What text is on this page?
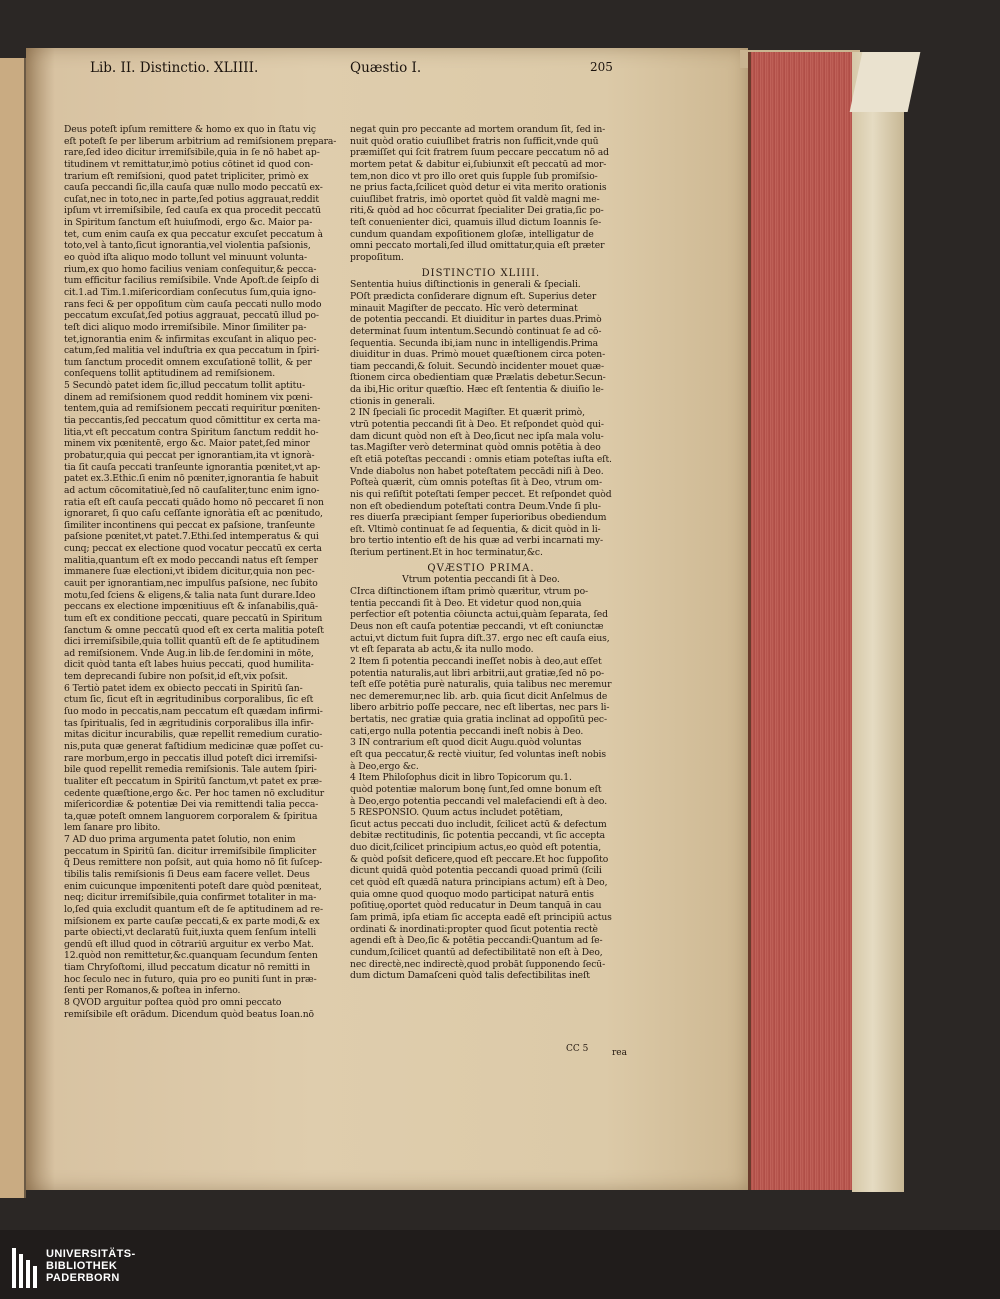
Lib. II. Distinctio. XLIIII.	Quæstio I.	205
Deus poteſt ipſum remittere & homo ex quo in ſtatu viç
eſt poteſt ſe per liberum arbitrium ad remiſsionem prępara-
rare,ſed ideo dicitur irremiſsibile,quia in ſe nō habet ap-
titudinem vt remittatur,imò potius cōtinet id quod con-
trarium eſt remiſsioni, quod patet tripliciter, primò ex
cauſa peccandi ſic,illa cauſa quæ nullo modo peccatū ex-
cuſat,nec in toto,nec in parte,ſed potius aggrauat,reddit
ipſum vt irremiſsibile, ſed cauſa ex qua procedit peccatū
in Spiritum ſanctum eſt huiuſmodi, ergo &c. Maior pa-
tet, cum enim cauſa ex qua peccatur excuſet peccatum à
toto,vel à tanto,ſicut ignorantia,vel violentia paſsionis,
eo quòd iſta aliquo modo tollunt vel minuunt volunta-
rium,ex quo homo facilius veniam conſequitur,& pecca-
tum efficitur facilius remiſsibile. Vnde Apoſt.de ſeipſo di
cit.1.ad Tim.1.miſericordiam conſecutus ſum,quia igno-
rans feci & per oppoſitum cùm cauſa peccati nullo modo
peccatum excuſat,ſed potius aggrauat, peccatū illud po-
teſt dici aliquo modo irremiſsibile. Minor ſimiliter pa-
tet,ignorantia enim & infirmitas excuſant in aliquo pec-
catum,ſed malitia vel induſtria ex qua peccatum in ſpiri-
tum ſanctum procedit omnem excuſationē tollit, & per
conſequens tollit aptitudinem ad remiſsionem.
5 Secundò patet idem ſic,illud peccatum tollit aptitu-
dinem ad remiſsionem quod reddit hominem vix pœni-
tentem,quia ad remiſsionem peccati requiritur pœniten-
tia peccantis,ſed peccatum quod cōmittitur ex certa ma-
litia,vt eſt peccatum contra Spiritum ſanctum reddit ho-
minem vix pœnitentē, ergo &c. Maior patet,ſed minor
probatur,quia qui peccat per ignorantiam,ita vt ignorà-
tia ſit cauſa peccati tranſeunte ignorantia pœnitet,vt ap-
patet ex.3.Ethic.ſi enim nō pœniteт,ignorantia ſe habuit
ad actum cōcomitatiuè,ſed nō cauſaliter,tunc enim igno-
ratia eſt eſt cauſa peccati quādo homo nō peccaret ſi non
ignoraret, ſi quo caſu ceſſante ignoràtia eſt ac pœnitudo,
ſimiliter incontinens qui peccat ex paſsione, tranſeunte
paſsione pœnitet,vt patet.7.Ethi.ſed intemperatus & qui
cunq; peccat ex electione quod vocatur peccatū ex certa
malitia,quantum eſt ex modo peccandi natus eſt ſemper
immanere ſuæ electioni,vt ibidem dicitur,quia non pec-
cauit per ignorantiam,nec impulſus paſsione, nec ſubito
motu,ſed ſciens & eligens,& talia nata ſunt durare.Ideo
peccans ex electione impœnitiuus eſt & inſanabilis,quā-
tum eſt ex conditione peccati, quare peccatū in Spiritum
ſanctum & omne peccatū quod eſt ex certa malitia poteſt
dici irremiſsibile,quia tollit quantū eſt de ſe aptitudinem
ad remiſsionem. Vnde Aug.in lib.de ſer.domini in mōte,
dicit quòd tanta eſt labes huius peccati, quod humilita-
tem deprecandi ſubire non poſsit,id eſt,vix poſsit.
6 Tertiò patet idem ex obiecto peccati in Spiritū ſan-
ctum ſic, ſicut eſt in ægritudinibus corporalibus, ſic eſt
ſuo modo in peccatis,nam peccatum eſt quædam infirmi-
tas ſpiritualis, ſed in ægritudinis corporalibus illa infir-
mitas dicitur incurabilis, quæ repellit remedium curatio-
nis,puta quæ generat faſtidium medicinæ quæ poſſet cu-
rare morbum,ergo in peccatis illud poteſt dici irremiſsi-
bile quod repellit remedia remiſsionis. Tale autem ſpiri-
tualiter eſt peccatum in Spiritū ſanctum,vt patet ex præ-
cedente quæſtione,ergo &c. Per hoc tamen nō excluditur
miſericordiæ & potentiæ Dei via remittendi talia pecca-
ta,quæ poteſt omnem languorem corporalem & ſpiritua
lem ſanare pro libito.
7 AD duo prima argumenta patet ſolutio, non enim
peccatum in Spiritū ſan. dicitur irremiſsibile ſimpliciter
q̃ Deus remittere non poſsit, aut quia homo nō ſit ſuſcep-
tibilis talis remiſsionis ſi Deus eam facere vellet. Deus
enim cuicunque impœnitenti poteſt dare quòd pœniteat,
neq; dicitur irremiſsibile,quia confirmet totaliter in ma-
lo,ſed quia excludit quantum eſt de ſe aptitudinem ad re-
miſsionem ex parte cauſæ peccati,& ex parte modi,& ex
parte obiecti,vt declaratū fuit,iuxta quem ſenſum intelli
gendū eſt illud quod in cōtrariū arguitur ex verbo Mat.
12.quòd non remittetur,&c.quanquam ſecundum ſenten
tiam Chryſoſtomi, illud peccatum dicatur nō remitti in
hoc ſeculo nec in futuro, quia pro eo puniti ſunt in præ-
ſenti per Romanos,& poſtea in inferno.
8 QVOD arguitur poſtea quòd pro omni peccato
remiſsibile eſt orādum. Dicendum quòd beatus Ioan.nō
negat quin pro peccante ad mortem orandum ſit, ſed in-
nuit quòd oratio cuiuſlibet fratris non ſufficit,vnde quū
præmiſſet qui ſcit fratrem ſuum peccare peccatum nō ad
mortem petat & dabitur ei,ſubiunxit eſt peccatū ad mor-
tem,non dico vt pro illo oret quis ſupple ſub promiſsio-
ne prius facta,ſcilicet quòd detur ei vita merito orationis
cuiuſlibet fratris, imò oportet quòd ſit valdè magni me-
riti,& quòd ad hoc cōcurrat ſpecialiter Dei gratia,ſic po-
teſt conuenienter dici, quamuis illud dictum Ioannis ſe-
cundum quandam expoſitionem gloſæ, intelligatur de
omni peccato mortali,ſed illud omittatur,quia eſt præter
propoſitum.
DISTINCTIO XLIIII.
Sententia huius diſtinctionis in generali & ſpeciali.
POſt prædicta conſiderare dignum eſt. Superius deter
minauit Magiſter de peccato. Hîc verò determinat
de potentia peccandi. Et diuiditur in partes duas.Primò
determinat ſuum intentum.Secundò continuat ſe ad cō-
ſequentia. Secunda ibi,iam nunc in intelligendis.Prima
diuiditur in duas. Primò mouet quæſtionem circa poten-
tiam peccandi,& ſoluit. Secundò incidenter mouet quæ-
ſtionem circa obedientiam quæ Prælatis debetur.Secun-
da ibi,Hic oritur quæſtio. Hæc eſt ſententia & diuiſio le-
ctionis in generali.
2 IN ſpeciali ſic procedit Magiſter. Et quærit primò,
vtrū potentia peccandi ſit à Deo. Et reſpondet quòd qui-
dam dicunt quòd non eſt à Deo,ſicut nec ipſa mala volu-
tas.Magiſter verò determinat quòd omnis potētia à deo
eſt etiā poteſtas peccandi : omnis etiam poteſtas iuſta eſt.
Vnde diabolus non habet poteſtatem peccādi niſi à Deo.
Poſteà quærit, cùm omnis poteſtas ſit à Deo, vtrum om-
nis qui reſiſtit poteſtati ſemper peccet. Et reſpondet quòd
non eſt obediendum poteſtati contra Deum.Vnde ſi plu-
res diuerſa præcipiant ſemper ſuperioribus obediendum
eſt. Vltimò continuat ſe ad ſequentia, & dicit quòd in li-
bro tertio intentio eſt de his quæ ad verbi incarnati my-
ſterium pertinent.Et in hoc terminatur,&c.
QVÆSTIO PRIMA.
Vtrum potentia peccandi ſit à Deo.
CIrca diſtinctionem iſtam primò quæritur, vtrum po-
tentia peccandi ſit à Deo. Et videtur quod non,quia
perfectior eſt potentia cōiuncta actui,quàm ſeparata, ſed
Deus non eſt cauſa potentiæ peccandi, vt eſt coniunctæ
actui,vt dictum fuit ſupra diſt.37. ergo nec eſt cauſa eius,
vt eſt ſeparata ab actu,& ita nullo modo.
2 Item ſi potentia peccandi ineſſet nobis à deo,aut eſſet
potentia naturalis,aut libri arbitrii,aut gratiæ,ſed nō po-
teſt eſſe potētia purè naturalis, quia talibus nec meremur
nec demeremur,nec lib. arb. quia ſicut dicit Anſelmus de
libero arbitrio poſſe peccare, nec eſt libertas, nec pars li-
bertatis, nec gratiæ quia gratia inclinat ad oppoſitū pec-
cati,ergo nulla potentia peccandi ineſt nobis à Deo.
3 IN contrarium eſt quod dicit Augu.quòd voluntas
eſt qua peccatur,& rectè viuitur, ſed voluntas ineſt nobis
à Deo,ergo &c.
4 Item Philoſophus dicit in libro Topicorum qu.1.
quòd potentiæ malorum bonę ſunt,ſed omne bonum eſt
à Deo,ergo potentia peccandi vel malefaciendi eſt à deo.
5 RESPONSIO. Quum actus includet potētiam,
ſicut actus peccati duo includit, ſcilicet actū & defectum
debitæ rectitudinis, ſic potentia peccandi, vt ſic accepta
duo dicit,ſcilicet principium actus,eo quòd eſt potentia,
& quòd poſsit deficere,quod eſt peccare.Et hoc ſuppoſito
dicunt quidā quòd potentia peccandi quoad primū (ſcili
cet quòd eſt quædā natura principians actum) eſt à Deo,
quia omne quod quoquo modo participat naturā entis
poſitiuę,oportet quòd reducatur in Deum tanquā in cau
ſam primā, ipſa etiam ſic accepta eadē eſt principiū actus
ordinati & inordinati:propter quod ſicut potentia rectè
agendi eſt à Deo,ſic & potētia peccandi:Quantum ad ſe-
cundum,ſcilicet quantū ad defectibilitatē non eſt à Deo,
nec directè,nec indirectè,quod probāt ſupponendo ſecū-
dum dictum Damaſceni quòd talis defectibilitas ineſt
CC 5	rea
UNIVERSITÄTS-
BIBLIOTHEK
PADERBORN
